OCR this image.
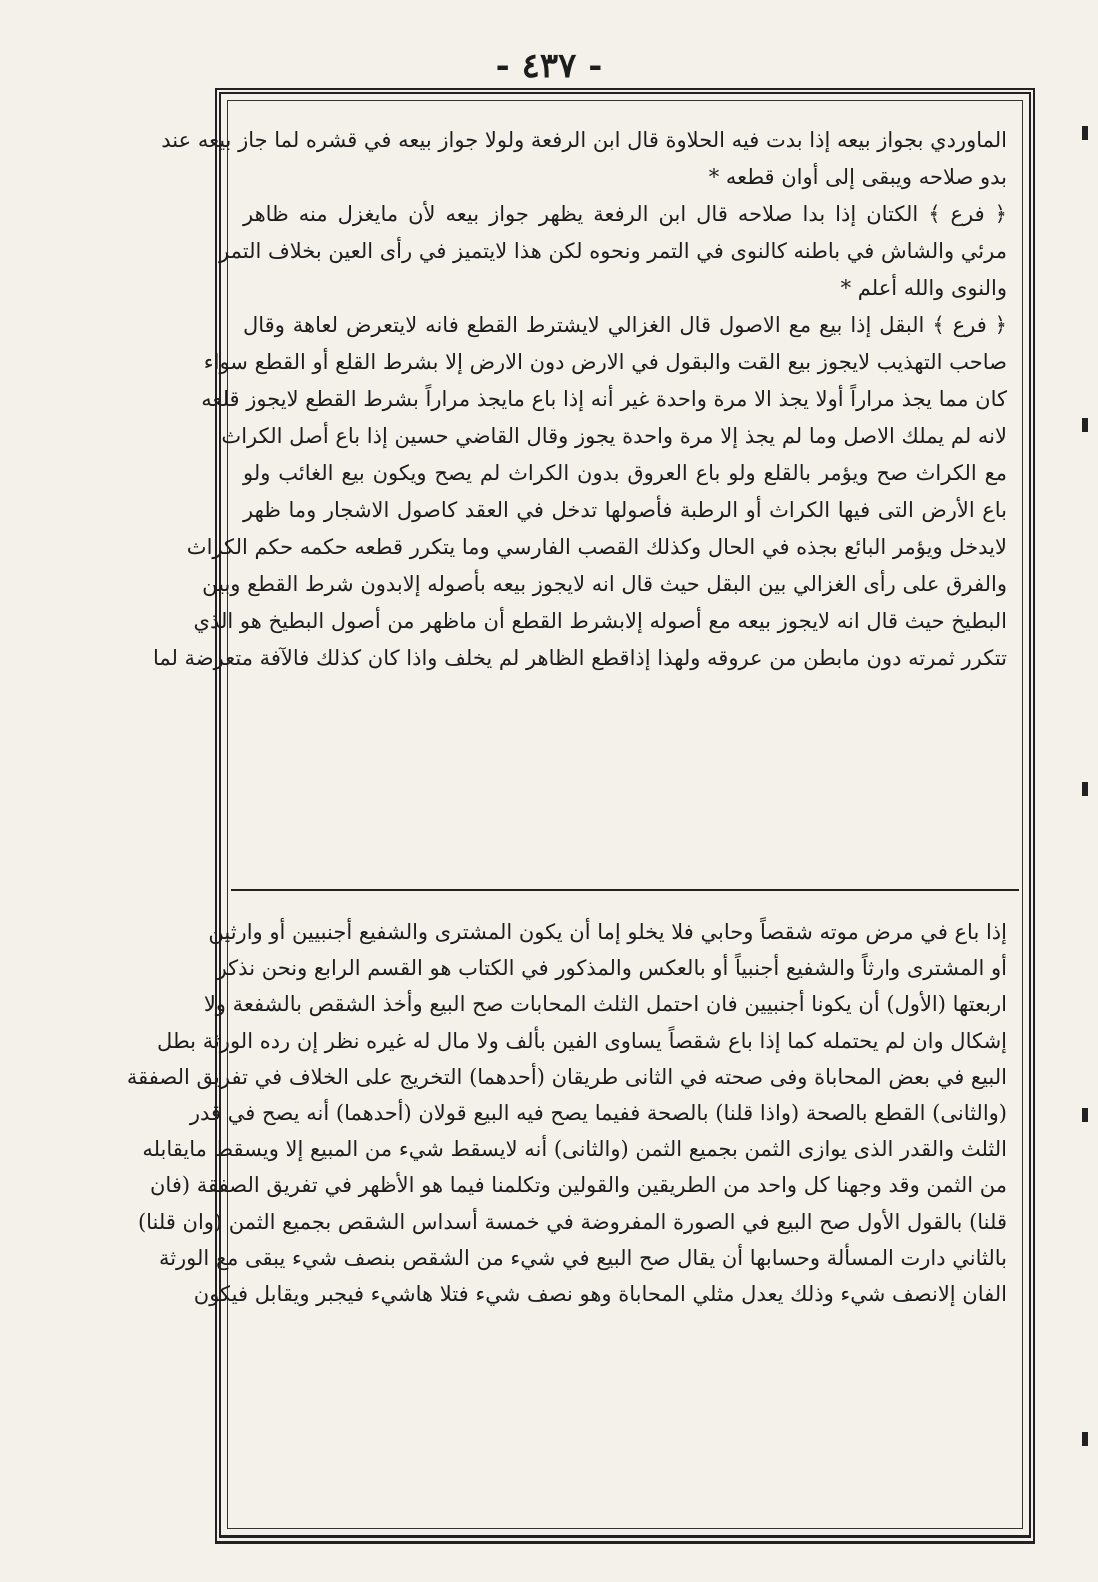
- ٤٣٧ -
الماوردي بجواز بيعه إذا بدت فيه الحلاوة قال ابن الرفعة ولولا جواز بيعه في قشره لما جاز بيعه عند
بدو صلاحه ويبقى إلى أوان قطعه *
﴿ فرع ﴾ الكتان إذا بدا صلاحه قال ابن الرفعة يظهر جواز بيعه لأن مايغزل منه ظاهر
مرئي والشاش في باطنه كالنوى في التمر ونحوه لكن هذا لايتميز في رأى العين بخلاف التمر
والنوى والله أعلم *
﴿ فرع ﴾ البقل إذا بيع مع الاصول قال الغزالي لايشترط القطع فانه لايتعرض لعاهة وقال
صاحب التهذيب لايجوز بيع القت والبقول في الارض دون الارض إلا بشرط القلع أو القطع سواء
كان مما يجذ مراراً أولا يجذ الا مرة واحدة غير أنه إذا باع مايجذ مراراً بشرط القطع لايجوز قلعه
لانه لم يملك الاصل وما لم يجذ إلا مرة واحدة يجوز وقال القاضي حسين إذا باع أصل الكراث
مع الكراث صح ويؤمر بالقلع ولو باع العروق بدون الكراث لم يصح ويكون بيع الغائب ولو
باع الأرض التى فيها الكراث أو الرطبة فأصولها تدخل في العقد كاصول الاشجار وما ظهر
لايدخل ويؤمر البائع بجذه في الحال وكذلك القصب الفارسي وما يتكرر قطعه حكمه حكم الكراث
والفرق على رأى الغزالي بين البقل حيث قال انه لايجوز بيعه بأصوله إلابدون شرط القطع وبين
البطيخ حيث قال انه لايجوز بيعه مع أصوله إلابشرط القطع أن ماظهر من أصول البطيخ هو الذي
تتكرر ثمرته دون مابطن من عروقه ولهذا إذاقطع الظاهر لم يخلف واذا كان كذلك فالآفة متعرضة لما
إذا باع في مرض موته شقصاً وحابي فلا يخلو إما أن يكون المشترى والشفيع أجنبيين أو وارثين
أو المشترى وارثاً والشفيع أجنبياً أو بالعكس والمذكور في الكتاب هو القسم الرابع ونحن نذكر
اربعتها (الأول) أن يكونا أجنبيين فان احتمل الثلث المحابات صح البيع وأخذ الشقص بالشفعة ولا
إشكال وان لم يحتمله كما إذا باع شقصاً يساوى الفين بألف ولا مال له غيره نظر إن رده الورثة بطل
البيع في بعض المحاباة وفى صحته في الثانى طريقان (أحدهما) التخريج على الخلاف في تفريق الصفقة
(والثانى) القطع بالصحة (واذا قلنا) بالصحة ففيما يصح فيه البيع قولان (أحدهما) أنه يصح في قدر
الثلث والقدر الذى يوازى الثمن بجميع الثمن (والثانى) أنه لايسقط شيء من المبيع إلا ويسقط مايقابله
من الثمن وقد وجهنا كل واحد من الطريقين والقولين وتكلمنا فيما هو الأظهر في تفريق الصفقة (فان
قلنا) بالقول الأول صح البيع في الصورة المفروضة في خمسة أسداس الشقص بجميع الثمن (وان قلنا)
بالثاني دارت المسألة وحسابها أن يقال صح البيع في شيء من الشقص بنصف شيء يبقى مع الورثة
الفان إلانصف شيء وذلك يعدل مثلي المحاباة وهو نصف شيء فتلا هاشيء فيجبر ويقابل فيكون
